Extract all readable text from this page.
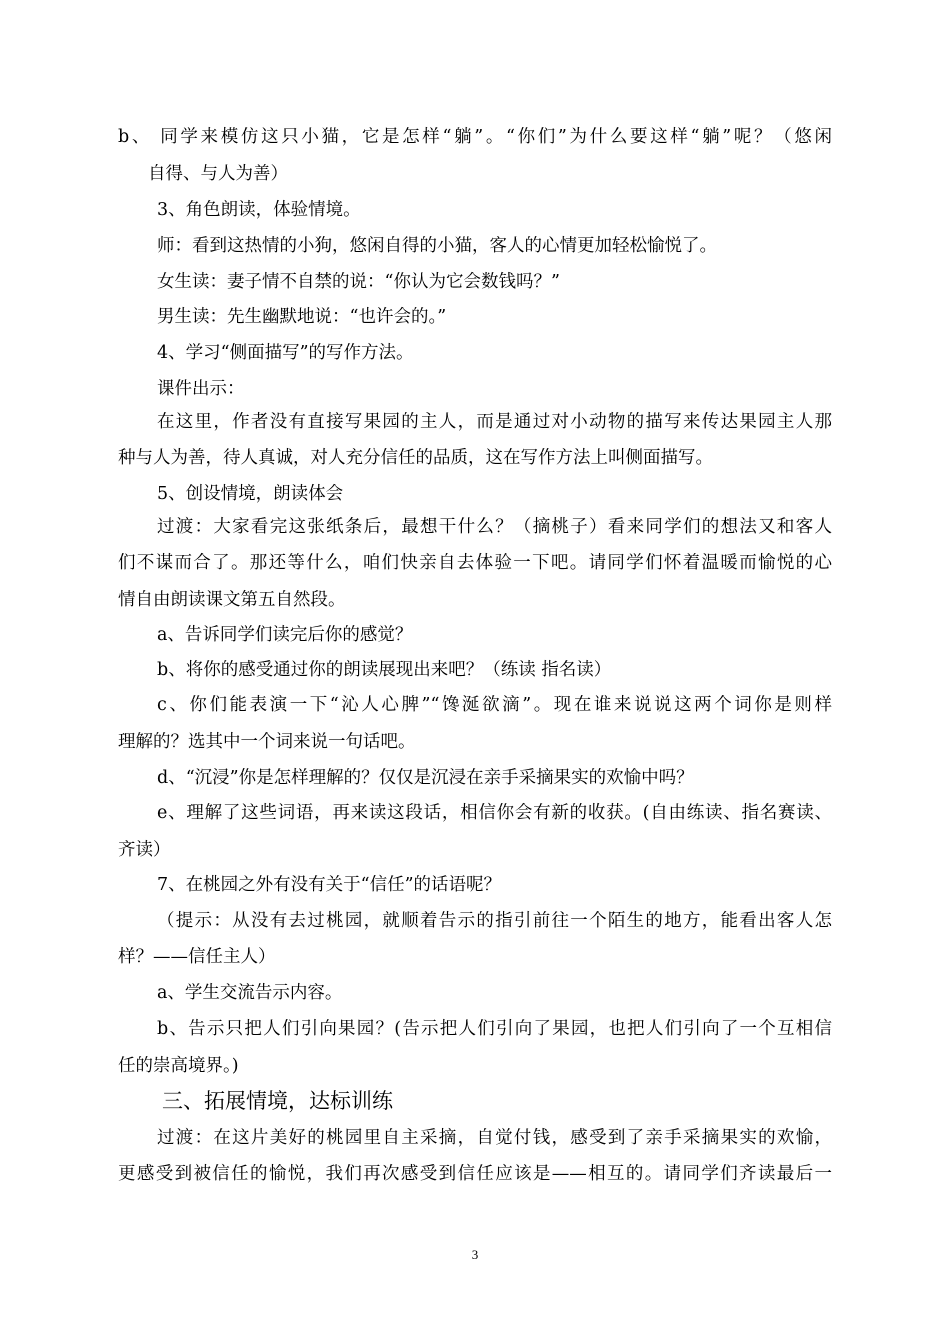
b、 同学来模仿这只小猫，它是怎样“躺”。“你们”为什么要这样“躺”呢？（悠闲

自得、与人为善）

3、角色朗读，体验情境。

师：看到这热情的小狗，悠闲自得的小猫，客人的心情更加轻松愉悦了。

女生读：妻子情不自禁的说：“你认为它会数钱吗？”

男生读：先生幽默地说：“也许会的。”

4、学习“侧面描写”的写作方法。

课件出示：

在这里，作者没有直接写果园的主人，而是通过对小动物的描写来传达果园主人那

种与人为善，待人真诚，对人充分信任的品质，这在写作方法上叫侧面描写。

5、创设情境，朗读体会

过渡：大家看完这张纸条后，最想干什么？（摘桃子）看来同学们的想法又和客人

们不谋而合了。那还等什么，咱们快亲自去体验一下吧。请同学们怀着温暖而愉悦的心

情自由朗读课文第五自然段。

a、告诉同学们读完后你的感觉？

b、将你的感受通过你的朗读展现出来吧？（练读 指名读）

c、你们能表演一下“沁人心脾”“馋涎欲滴”。现在谁来说说这两个词你是则样

理解的？选其中一个词来说一句话吧。

d、“沉浸”你是怎样理解的？仅仅是沉浸在亲手采摘果实的欢愉中吗？

e、理解了这些词语，再来读这段话，相信你会有新的收获。(自由练读、指名赛读、

齐读）

7、在桃园之外有没有关于“信任”的话语呢？

（提示：从没有去过桃园，就顺着告示的指引前往一个陌生的地方，能看出客人怎

样？——信任主人）

a、学生交流告示内容。

b、告示只把人们引向果园？(告示把人们引向了果园，也把人们引向了一个互相信

任的崇高境界。)

三、拓展情境，达标训练

过渡：在这片美好的桃园里自主采摘，自觉付钱，感受到了亲手采摘果实的欢愉，

更感受到被信任的愉悦，我们再次感受到信任应该是——相互的。请同学们齐读最后一

3
